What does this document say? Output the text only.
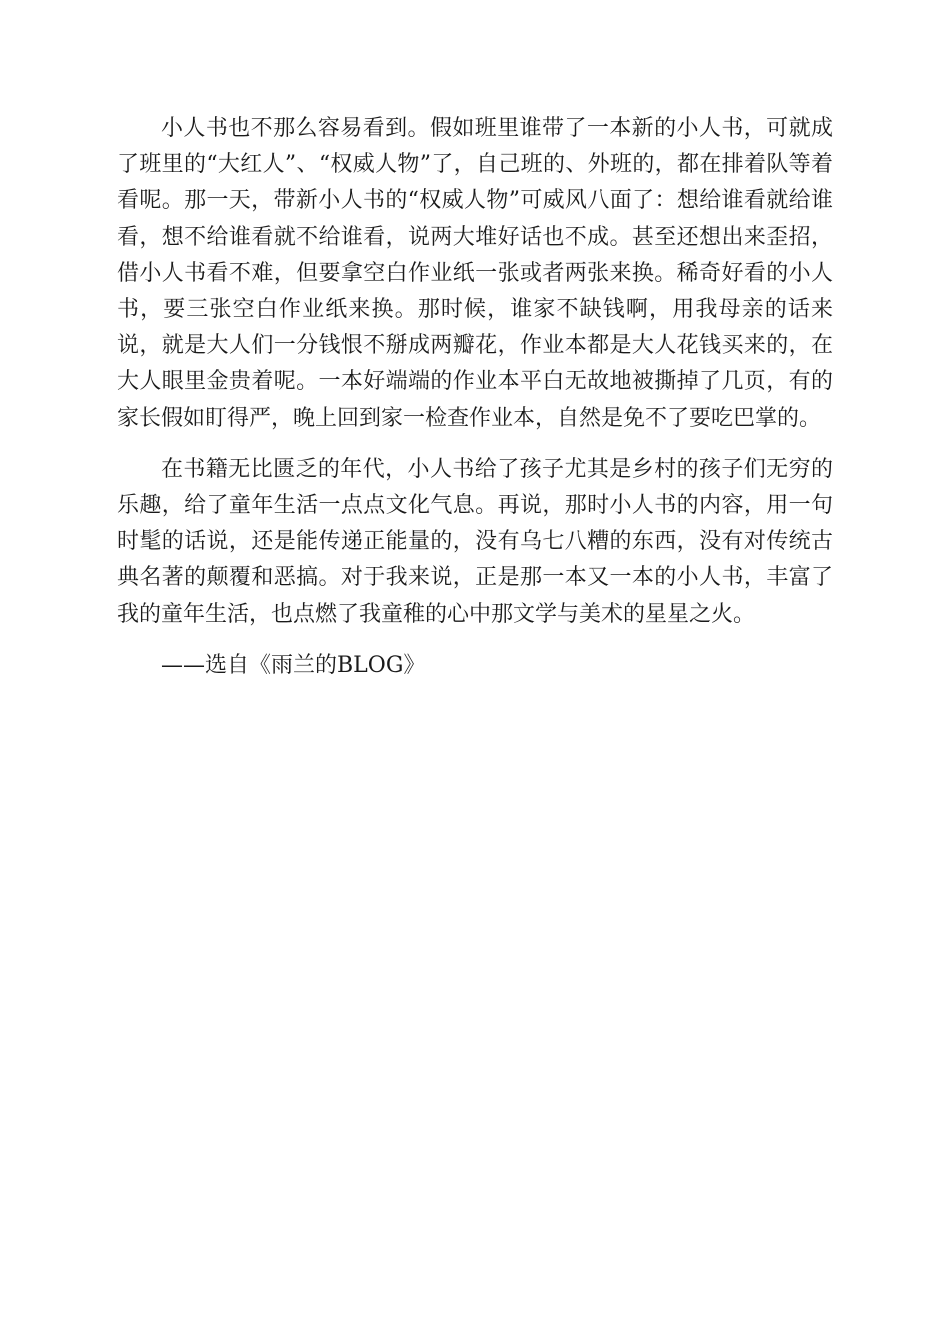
小人书也不那么容易看到。假如班里谁带了一本新的小人书，可就成了班里的“大红人”、“权威人物”了，自己班的、外班的，都在排着队等着看呢。那一天，带新小人书的“权威人物”可威风八面了：想给谁看就给谁看，想不给谁看就不给谁看，说两大堆好话也不成。甚至还想出来歪招，借小人书看不难，但要拿空白作业纸一张或者两张来换。稀奇好看的小人书，要三张空白作业纸来换。那时候，谁家不缺钱啊，用我母亲的话来说，就是大人们一分钱恨不掰成两瓣花，作业本都是大人花钱买来的，在大人眼里金贵着呢。一本好端端的作业本平白无故地被撕掉了几页，有的家长假如盯得严，晚上回到家一检查作业本，自然是免不了要吃巴掌的。

在书籍无比匮乏的年代，小人书给了孩子尤其是乡村的孩子们无穷的乐趣，给了童年生活一点点文化气息。再说，那时小人书的内容，用一句时髦的话说，还是能传递正能量的，没有乌七八糟的东西，没有对传统古典名著的颠覆和恶搞。对于我来说，正是那一本又一本的小人书，丰富了我的童年生活，也点燃了我童稚的心中那文学与美术的星星之火。

——选自《雨兰的BLOG》
